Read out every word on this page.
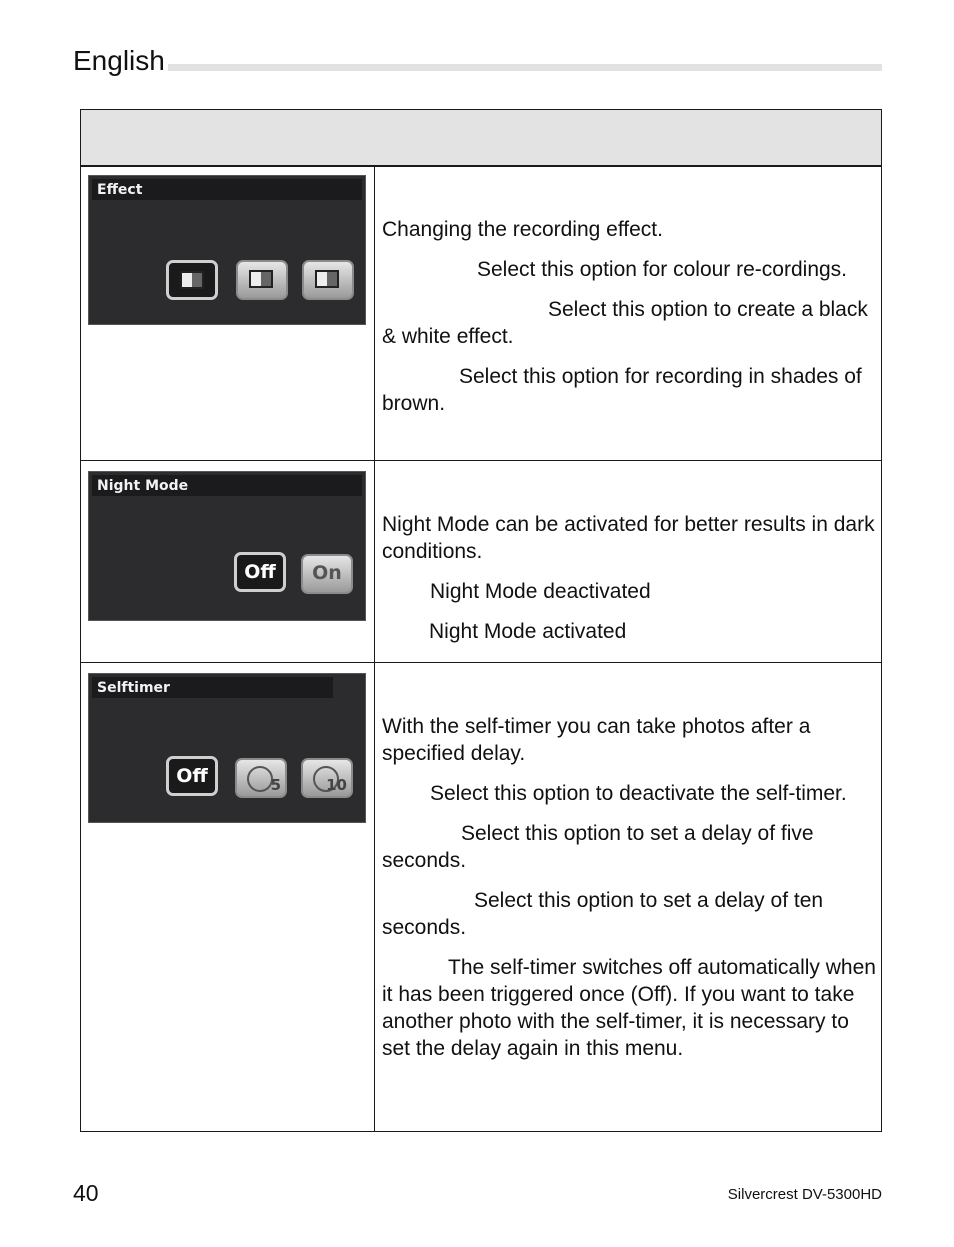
English
Effect

Changing the recording effect.

Select this option for colour re-cordings.

Select this option to create a black & white effect.

Select this option for recording in shades of brown.

Night Mode
Off	On

Night Mode can be activated for better results in dark conditions.

Night Mode deactivated

Night Mode activated

Selftimer
Off	5	10

With the self-timer you can take photos after a specified delay.

Select this option to deactivate the self-timer.

Select this option to set a delay of five seconds.

Select this option to set a delay of ten seconds.

The self-timer switches off automatically when it has been triggered once (Off). If you want to take another photo with the self-timer, it is necessary to set the delay again in this menu.

40	Silvercrest DV-5300HD
